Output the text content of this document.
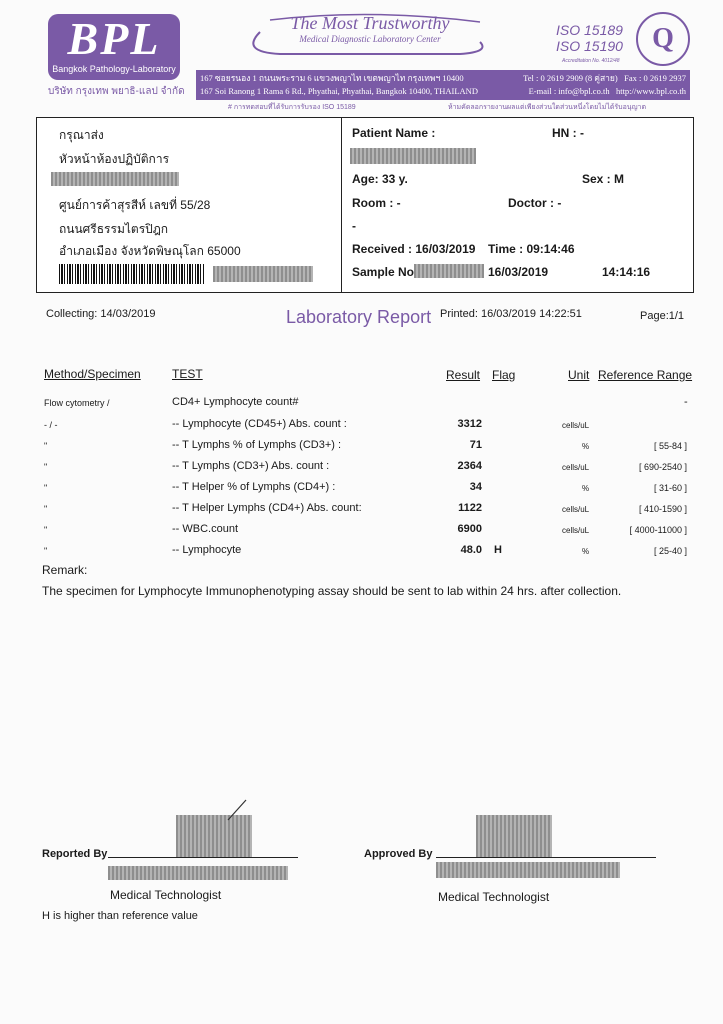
BPL
Bangkok Pathology-Laboratory
บริษัท กรุงเทพ พยาธิ-แลป จำกัด
The Most Trustworthy
Medical Diagnostic Laboratory Center
ISO 15189
ISO 15190
Accreditation No. 4012/48
Q
167 ซอยรนอง 1 ถนนพระราม 6 แขวงพญาไท เขตพญาไท กรุงเทพฯ 10400	Tel : 0 2619 2909 (8 คู่สาย) Fax : 0 2619 2937
167 Soi Ranong 1 Rama 6 Rd., Phyathai, Phyathai, Bangkok 10400, THAILAND	E-mail : info@bpl.co.th http://www.bpl.co.th
# การทดสอบที่ได้รับการรับรอง ISO 15189	ห้ามคัดลอกรายงานผลแต่เพียงส่วนใดส่วนหนึ่งโดยไม่ได้รับอนุญาต
กรุณาส่ง
หัวหน้าห้องปฏิบัติการ
ศูนย์การค้าสุรสีห์ เลขที่ 55/28
ถนนศรีธรรมไตรปิฎก
อำเภอเมือง จังหวัดพิษณุโลก 65000
Patient Name :	HN : -
Age: 33 y.	Sex : M
Room : -	Doctor : -
-
Received : 16/03/2019 Time : 09:14:46
Sample No	16/03/2019	14:14:16
Collecting: 14/03/2019	Laboratory Report Printed: 16/03/2019 14:22:51	Page:1/1
Method/Specimen	TEST	Result Flag	Unit Reference Range
Flow cytometry /	CD4+ Lymphocyte count#	-
- / -	-- Lymphocyte (CD45+) Abs. count :	3312	cells/uL
"	-- T Lymphs % of Lymphs (CD3+) :	71	%	[ 55-84 ]
"	-- T Lymphs (CD3+) Abs. count :	2364	cells/uL	[ 690-2540 ]
"	-- T Helper % of Lymphs (CD4+) :	34	%	[ 31-60 ]
"	-- T Helper Lymphs (CD4+) Abs. count:	1122	cells/uL	[ 410-1590 ]
"	-- WBC.count	6900	cells/uL	[ 4000-11000 ]
"	-- Lymphocyte	48.0 H	%	[ 25-40 ]
Remark:
The specimen for Lymphocyte Immunophenotyping assay should be sent to lab within 24 hrs. after collection.
Reported By
Medical Technologist
Approved By
Medical Technologist
H is higher than reference value
